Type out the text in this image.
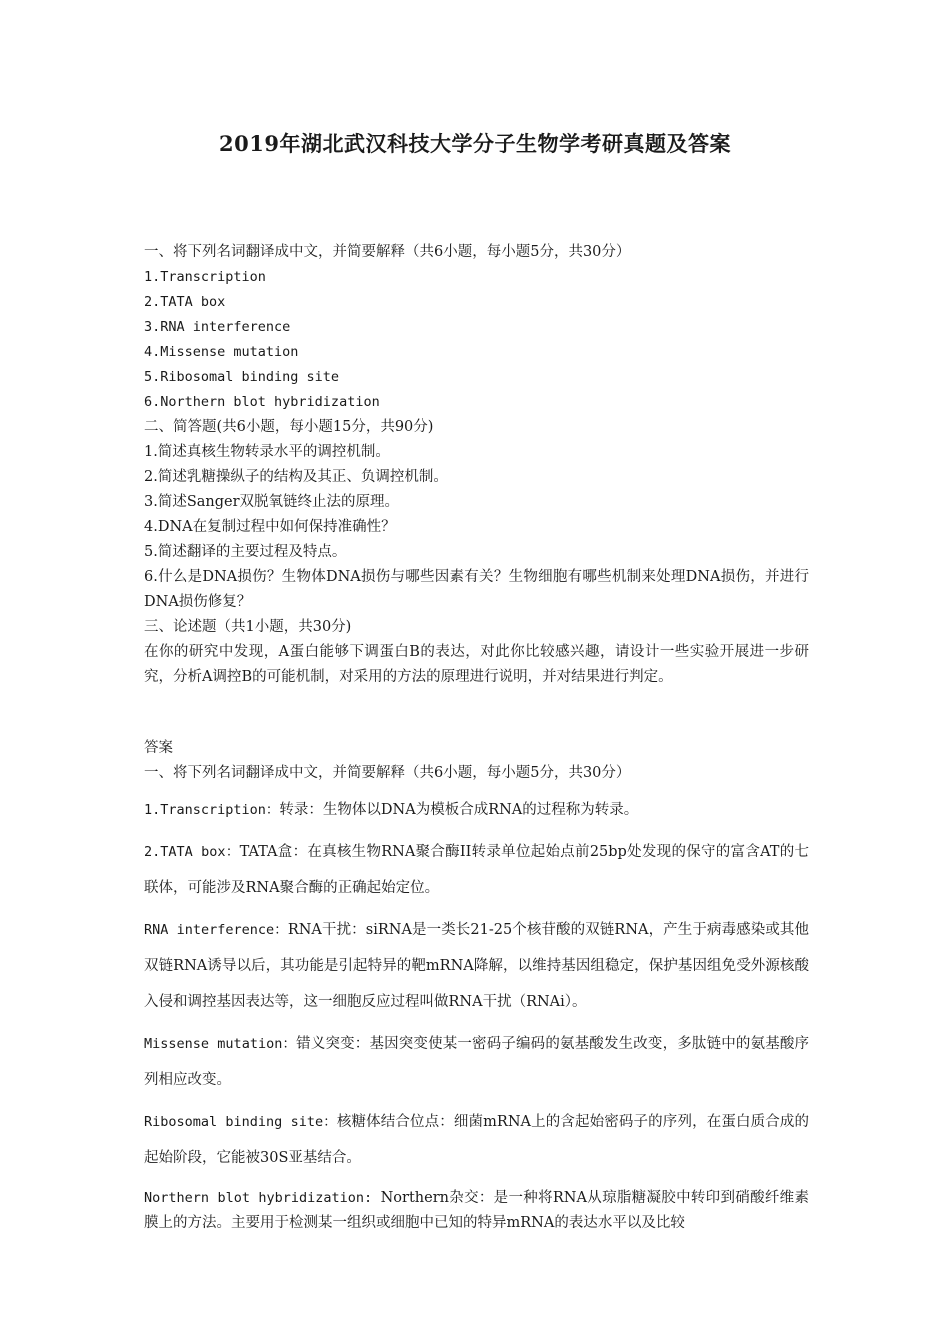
2019年湖北武汉科技大学分子生物学考研真题及答案
一、将下列名词翻译成中文，并简要解释（共6小题，每小题5分，共30分）
1.Transcription
2.TATA box
3.RNA interference
4.Missense mutation
5.Ribosomal binding site
6.Northern blot hybridization
二、简答题(共6小题，每小题15分，共90分)
1.简述真核生物转录水平的调控机制。
2.简述乳糖操纵子的结构及其正、负调控机制。
3.简述Sanger双脱氧链终止法的原理。
4.DNA在复制过程中如何保持准确性？
5.简述翻译的主要过程及特点。
6.什么是DNA损伤？生物体DNA损伤与哪些因素有关？生物细胞有哪些机制来处理DNA损伤，并进行DNA损伤修复？
三、论述题（共1小题，共30分)
在你的研究中发现，A蛋白能够下调蛋白B的表达，对此你比较感兴趣，请设计一些实验开展进一步研究，分析A调控B的可能机制，对采用的方法的原理进行说明，并对结果进行判定。
答案
一、将下列名词翻译成中文，并简要解释（共6小题，每小题5分，共30分）
1.Transcription：转录：生物体以DNA为模板合成RNA的过程称为转录。
2.TATA box：TATA盒：在真核生物RNA聚合酶II转录单位起始点前25bp处发现的保守的富含AT的七联体，可能涉及RNA聚合酶的正确起始定位。
RNA interference：RNA干扰：siRNA是一类长21-25个核苷酸的双链RNA，产生于病毒感染或其他双链RNA诱导以后，其功能是引起特异的靶mRNA降解，以维持基因组稳定，保护基因组免受外源核酸入侵和调控基因表达等，这一细胞反应过程叫做RNA干扰（RNAi）。
Missense mutation：错义突变：基因突变使某一密码子编码的氨基酸发生改变，多肽链中的氨基酸序列相应改变。
Ribosomal binding site：核糖体结合位点：细菌mRNA上的含起始密码子的序列，在蛋白质合成的起始阶段，它能被30S亚基结合。
Northern blot hybridization: Northern杂交：是一种将RNA从琼脂糖凝胶中转印到硝酸纤维素膜上的方法。主要用于检测某一组织或细胞中已知的特异mRNA的表达水平以及比较
